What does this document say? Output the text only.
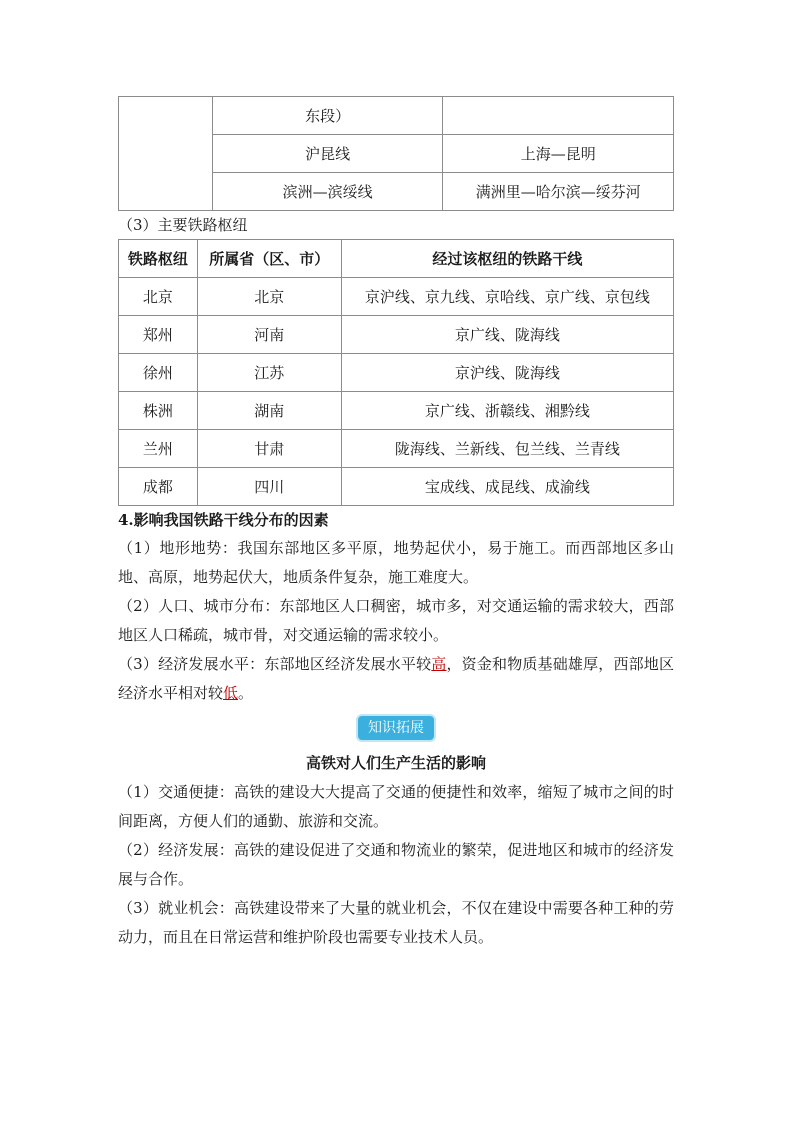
	东段）	
	沪昆线	上海—昆明
	滨洲—滨绥线	满洲里—哈尔滨—绥芬河

（3）主要铁路枢纽

铁路枢纽	所属省（区、市）	经过该枢纽的铁路干线
北京	北京	京沪线、京九线、京哈线、京广线、京包线
郑州	河南	京广线、陇海线
徐州	江苏	京沪线、陇海线
株洲	湖南	京广线、浙赣线、湘黔线
兰州	甘肃	陇海线、兰新线、包兰线、兰青线
成都	四川	宝成线、成昆线、成渝线

4.影响我国铁路干线分布的因素

（1）地形地势：我国东部地区多平原，地势起伏小，易于施工。而西部地区多山地、高原，地势起伏大，地质条件复杂，施工难度大。

（2）人口、城市分布：东部地区人口稠密，城市多，对交通运输的需求较大，西部地区人口稀疏，城市骨，对交通运输的需求较小。

（3）经济发展水平：东部地区经济发展水平较高，资金和物质基础雄厚，西部地区经济水平相对较低。

知识拓展

高铁对人们生产生活的影响

（1）交通便捷：高铁的建设大大提高了交通的便捷性和效率，缩短了城市之间的时间距离，方便人们的通勤、旅游和交流。

（2）经济发展：高铁的建设促进了交通和物流业的繁荣，促进地区和城市的经济发展与合作。

（3）就业机会：高铁建设带来了大量的就业机会，不仅在建设中需要各种工种的劳动力，而且在日常运营和维护阶段也需要专业技术人员。
